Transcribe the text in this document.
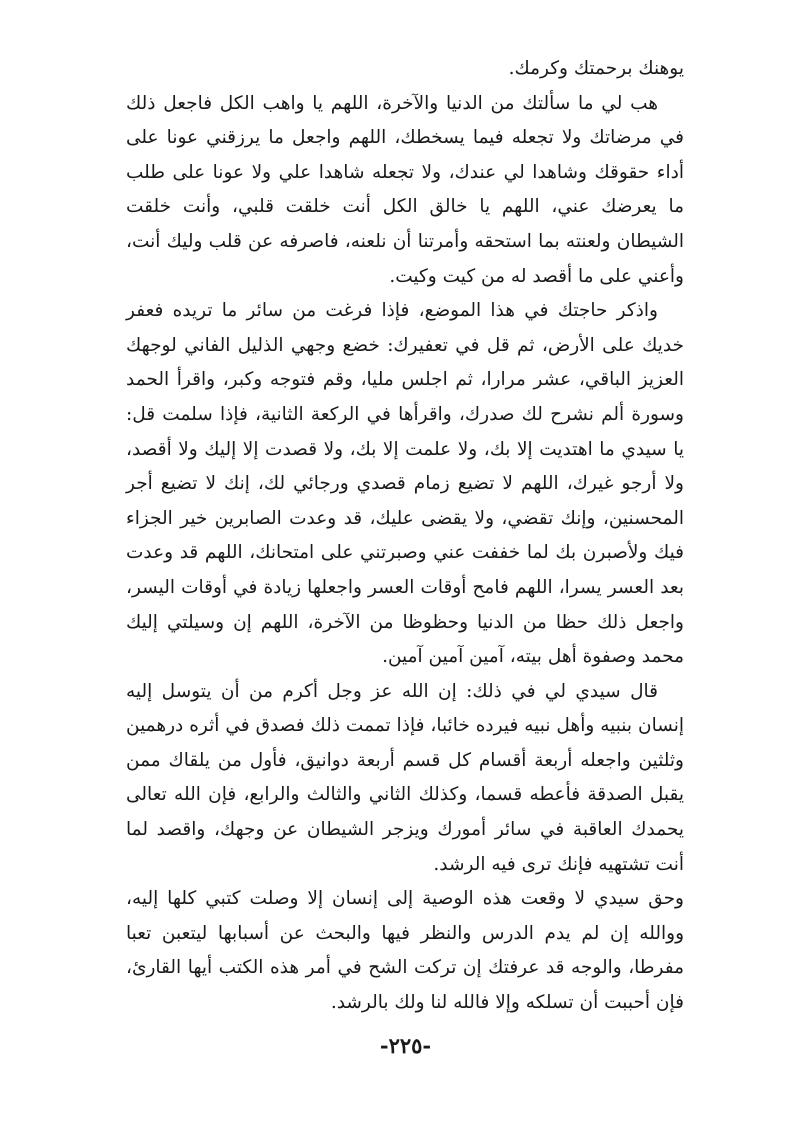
يوهنك برحمتك وكرمك.

هب لي ما سألتك من الدنيا والآخرة، اللهم يا واهب الكل فاجعل ذلك في مرضاتك ولا تجعله فيما يسخطك، اللهم واجعل ما يرزقني عونا على أداء حقوقك وشاهدا لي عندك، ولا تجعله شاهدا علي ولا عونا على طلب ما يعرضك عني، اللهم يا خالق الكل أنت خلقت قلبي، وأنت خلقت الشيطان ولعنته بما استحقه وأمرتنا أن نلعنه، فاصرفه عن قلب وليك أنت، وأعني على ما أقصد له من كيت وكيت.

واذكر حاجتك في هذا الموضع، فإذا فرغت من سائر ما تريده فعفر خديك على الأرض، ثم قل في تعفيرك: خضع وجهي الذليل الفاني لوجهك العزيز الباقي، عشر مرارا، ثم اجلس مليا، وقم فتوجه وكبر، واقرأ الحمد وسورة ألم نشرح لك صدرك، واقرأها في الركعة الثانية، فإذا سلمت قل: يا سيدي ما اهتديت إلا بك، ولا علمت إلا بك، ولا قصدت إلا إليك ولا أقصد، ولا أرجو غيرك، اللهم لا تضيع زمام قصدي ورجائي لك، إنك لا تضيع أجر المحسنين، وإنك تقضي، ولا يقضى عليك، قد وعدت الصابرين خير الجزاء فيك ولأصبرن بك لما خففت عني وصبرتني على امتحانك، اللهم قد وعدت بعد العسر يسرا، اللهم فامح أوقات العسر واجعلها زيادة في أوقات اليسر، واجعل ذلك حظا من الدنيا وحظوظا من الآخرة، اللهم إن وسيلتي إليك محمد وصفوة أهل بيته، آمين آمين آمين.

قال سيدي لي في ذلك: إن الله عز وجل أكرم من أن يتوسل إليه إنسان بنبيه وأهل نبيه فيرده خائبا، فإذا تممت ذلك فصدق في أثره درهمين وثلثين واجعله أربعة أقسام كل قسم أربعة دوانيق، فأول من يلقاك ممن يقبل الصدقة فأعطه قسما، وكذلك الثاني والثالث والرابع، فإن الله تعالى يحمدك العاقبة في سائر أمورك ويزجر الشيطان عن وجهك، واقصد لما أنت تشتهيه فإنك ترى فيه الرشد.

وحق سيدي لا وقعت هذه الوصية إلى إنسان إلا وصلت كتبي كلها إليه، ووالله إن لم يدم الدرس والنظر فيها والبحث عن أسبابها ليتعبن تعبا مفرطا، والوجه قد عرفتك إن تركت الشح في أمر هذه الكتب أيها القارئ، فإن أحببت أن تسلكه وإلا فالله لنا ولك بالرشد.

-٢٢٥-
